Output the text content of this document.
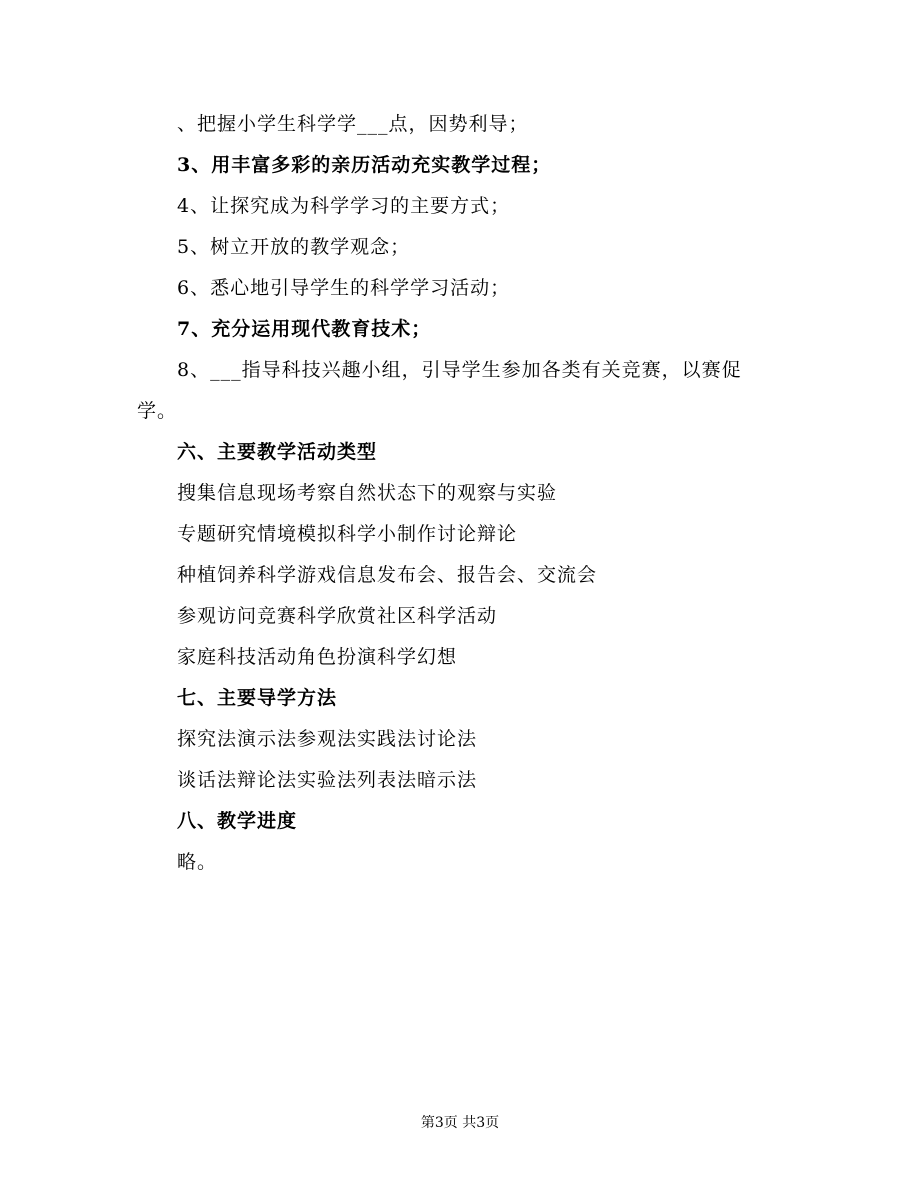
、把握小学生科学学___点，因势利导；
3、用丰富多彩的亲历活动充实教学过程；
4、让探究成为科学学习的主要方式；
5、树立开放的教学观念；
6、悉心地引导学生的科学学习活动；
7、充分运用现代教育技术；
8、___指导科技兴趣小组，引导学生参加各类有关竞赛，以赛促
学。
六、主要教学活动类型
搜集信息现场考察自然状态下的观察与实验
专题研究情境模拟科学小制作讨论辩论
种植饲养科学游戏信息发布会、报告会、交流会
参观访问竞赛科学欣赏社区科学活动
家庭科技活动角色扮演科学幻想
七、主要导学方法
探究法演示法参观法实践法讨论法
谈话法辩论法实验法列表法暗示法
八、教学进度
略。
第3页 共3页
